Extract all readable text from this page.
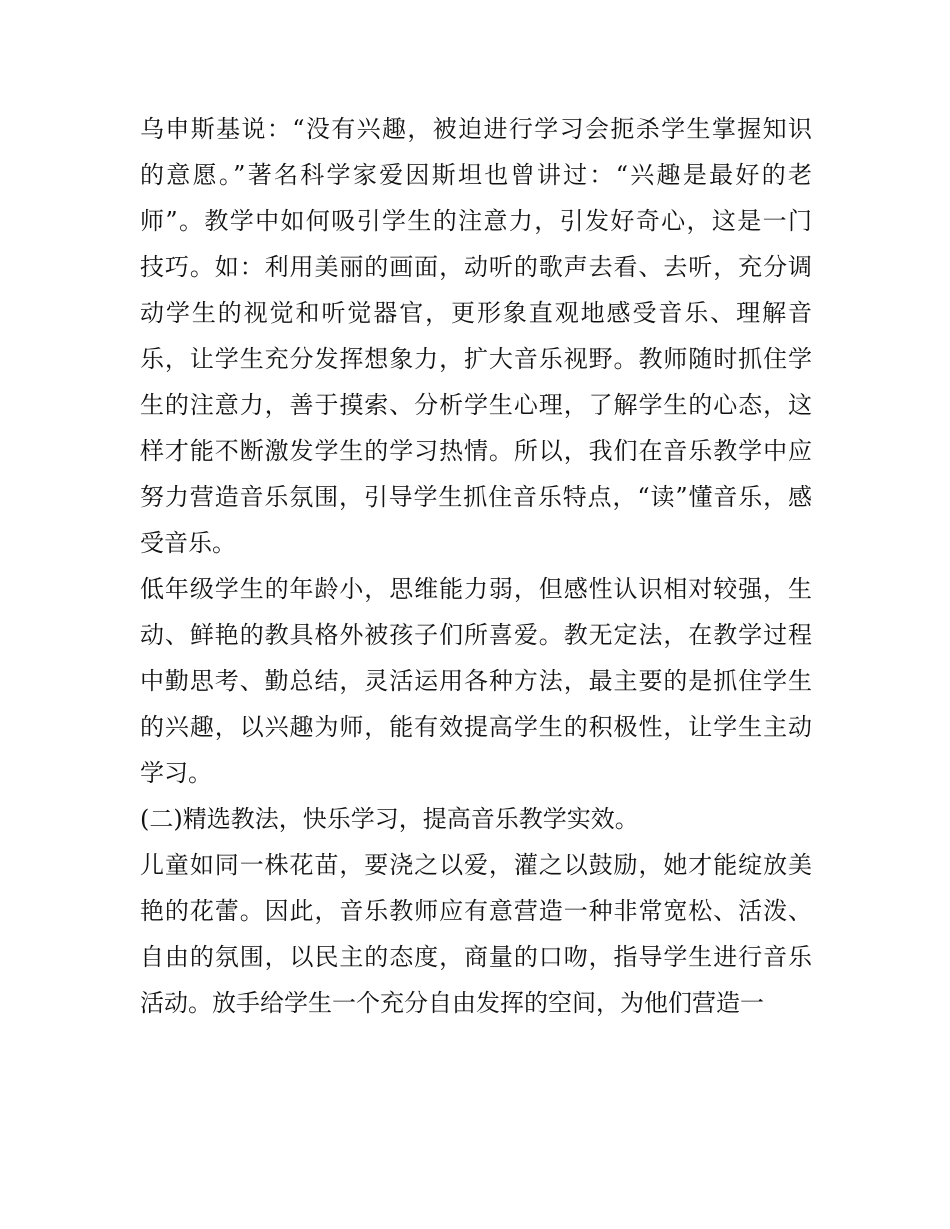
乌申斯基说：“没有兴趣，被迫进行学习会扼杀学生掌握知识
的意愿。”著名科学家爱因斯坦也曾讲过：“兴趣是最好的老
师”。教学中如何吸引学生的注意力，引发好奇心，这是一门
技巧。如：利用美丽的画面，动听的歌声去看、去听，充分调
动学生的视觉和听觉器官，更形象直观地感受音乐、理解音
乐，让学生充分发挥想象力，扩大音乐视野。教师随时抓住学
生的注意力，善于摸索、分析学生心理，了解学生的心态，这
样才能不断激发学生的学习热情。所以，我们在音乐教学中应
努力营造音乐氛围，引导学生抓住音乐特点，“读”懂音乐，感
受音乐。
低年级学生的年龄小，思维能力弱，但感性认识相对较强，生
动、鲜艳的教具格外被孩子们所喜爱。教无定法，在教学过程
中勤思考、勤总结，灵活运用各种方法，最主要的是抓住学生
的兴趣，以兴趣为师，能有效提高学生的积极性，让学生主动
学习。
(二)精选教法，快乐学习，提高音乐教学实效。
儿童如同一株花苗，要浇之以爱，灌之以鼓励，她才能绽放美
艳的花蕾。因此，音乐教师应有意营造一种非常宽松、活泼、
自由的氛围，以民主的态度，商量的口吻，指导学生进行音乐
活动。放手给学生一个充分自由发挥的空间，为他们营造一
